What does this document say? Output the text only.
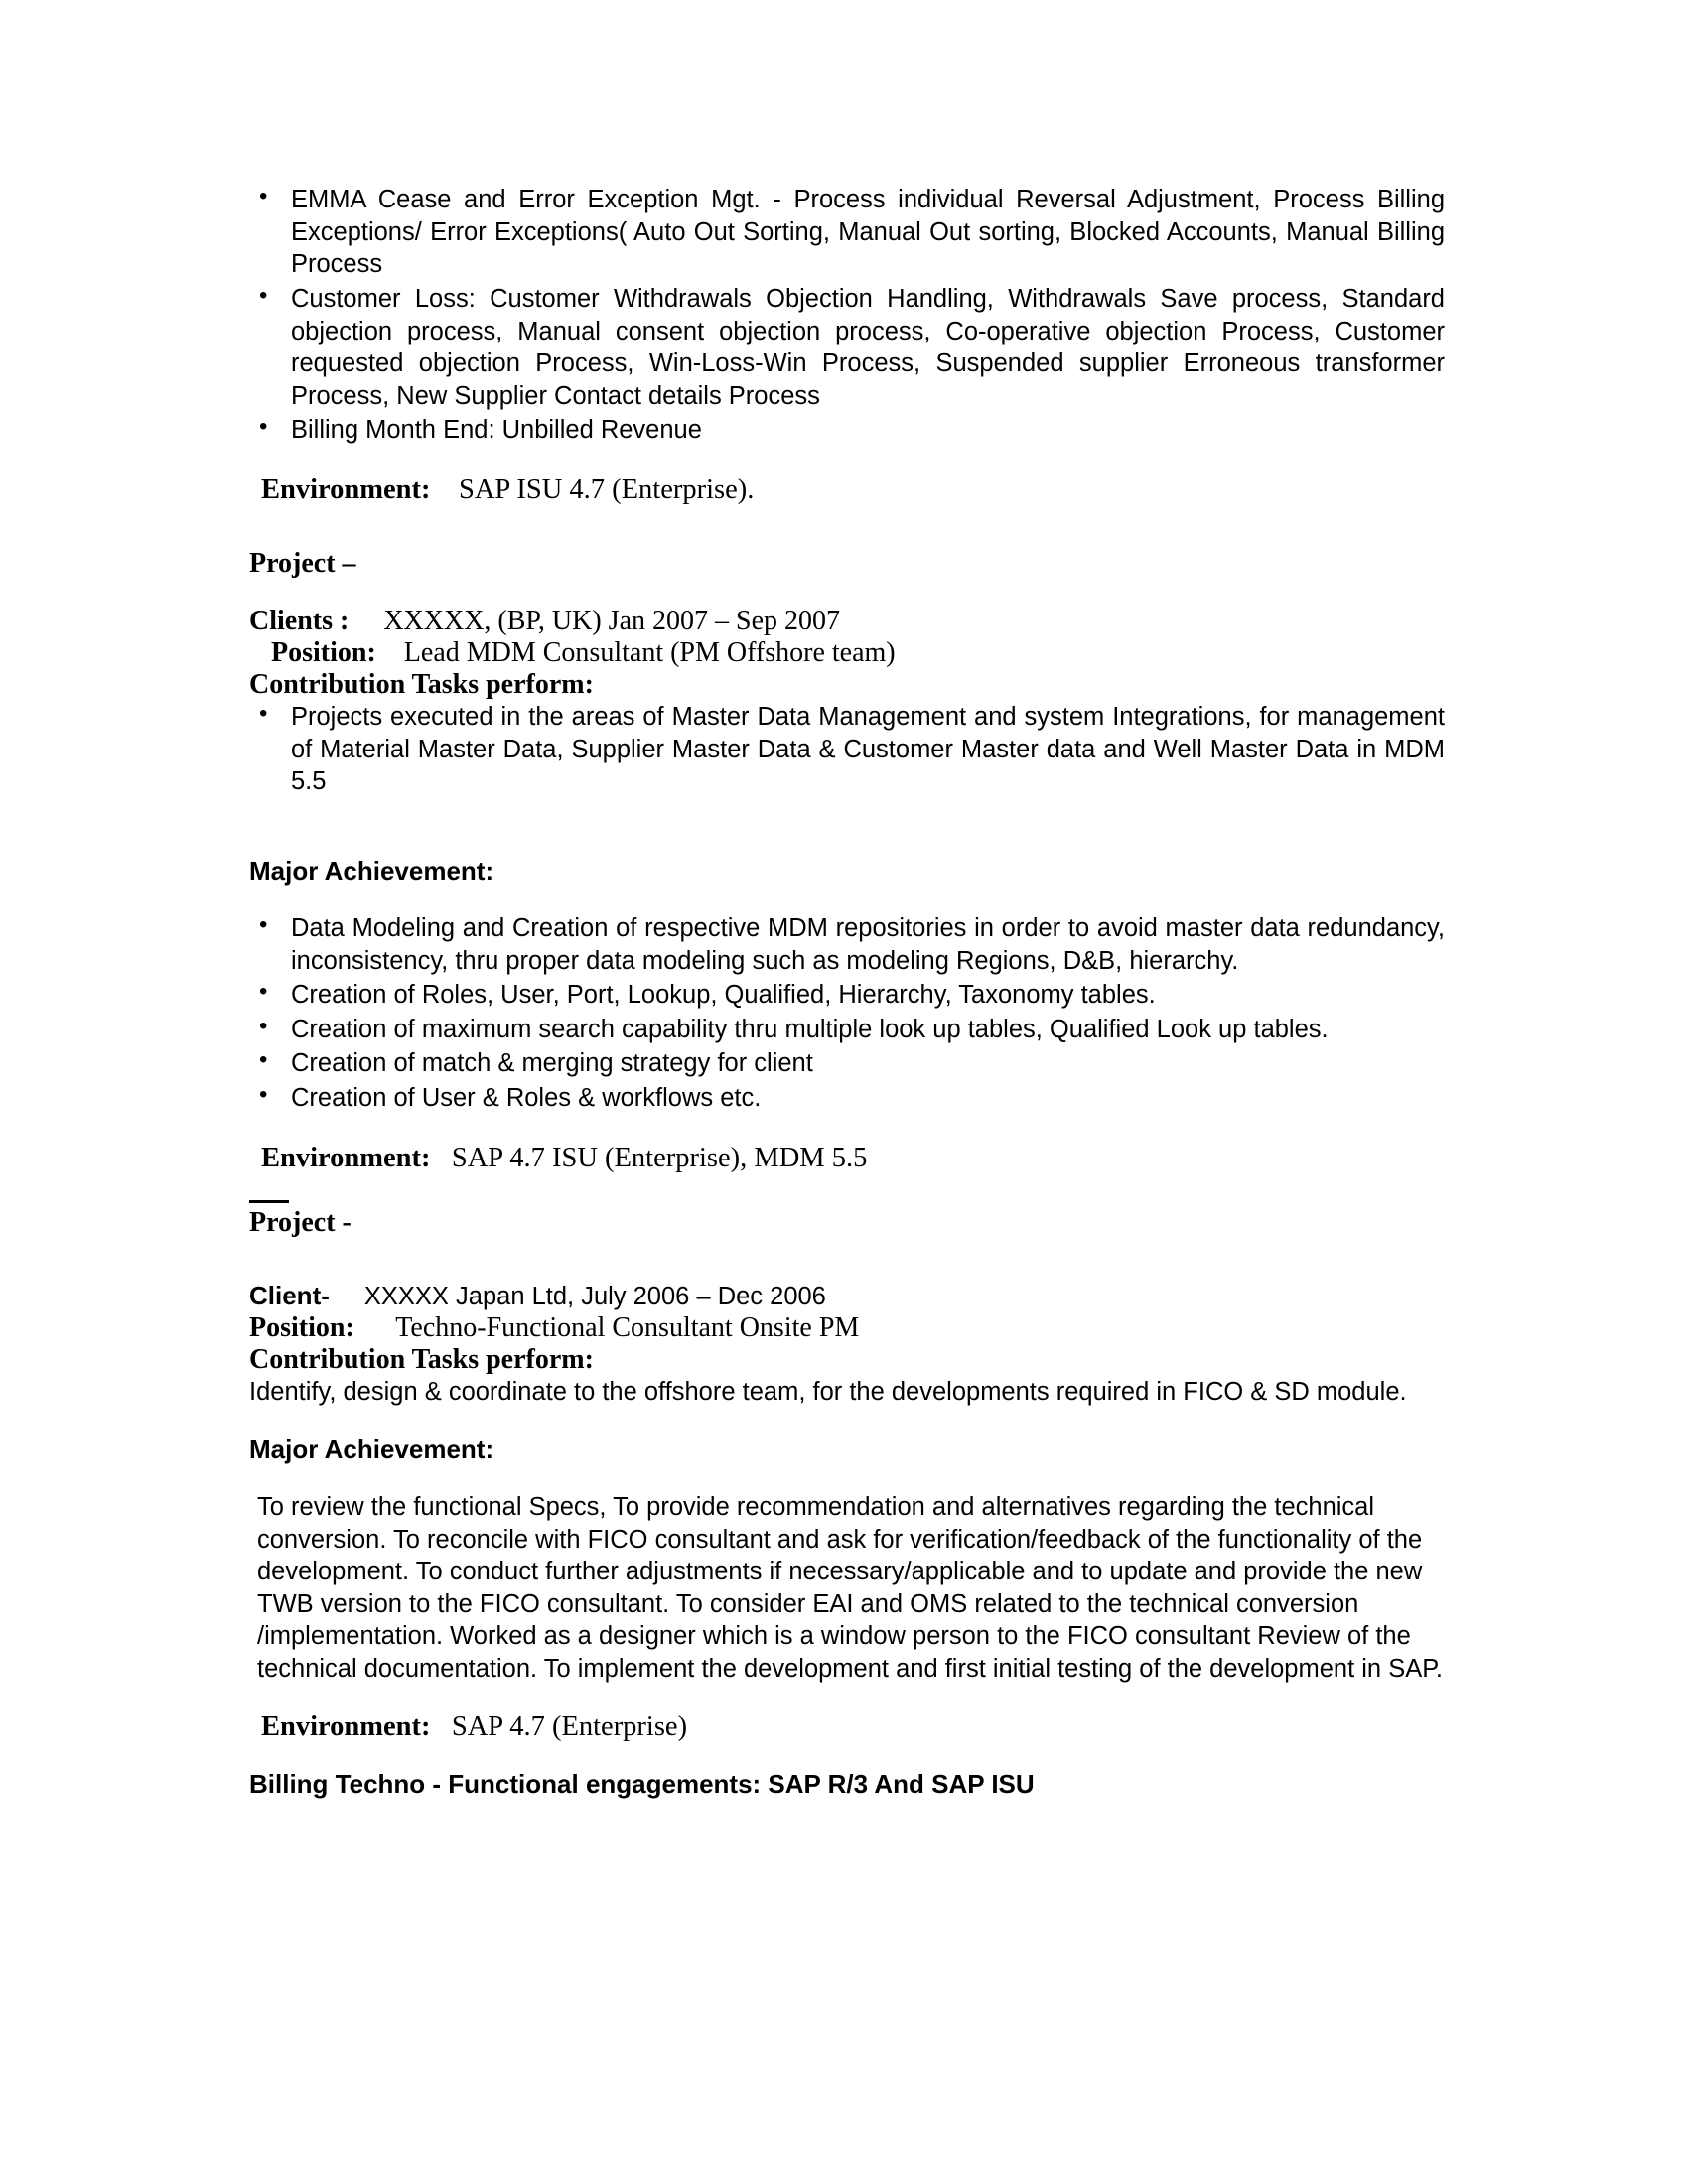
• EMMA Cease and Error Exception Mgt. - Process individual Reversal Adjustment, Process Billing Exceptions/ Error Exceptions( Auto Out Sorting, Manual Out sorting, Blocked Accounts, Manual Billing Process
• Customer Loss: Customer Withdrawals Objection Handling, Withdrawals Save process, Standard objection process, Manual consent objection process, Co-operative objection Process, Customer requested objection Process, Win-Loss-Win Process, Suspended supplier Erroneous transformer Process, New Supplier Contact details Process
• Billing Month End: Unbilled Revenue
Environment: SAP ISU 4.7 (Enterprise).
Project –
Clients : XXXXX, (BP, UK) Jan 2007 – Sep 2007
Position: Lead MDM Consultant (PM Offshore team)
Contribution Tasks perform:
• Projects executed in the areas of Master Data Management and system Integrations, for management of Material Master Data, Supplier Master Data & Customer Master data and Well Master Data in MDM 5.5
Major Achievement:
• Data Modeling and Creation of respective MDM repositories in order to avoid master data redundancy, inconsistency, thru proper data modeling such as modeling Regions, D&B, hierarchy.
• Creation of Roles, User, Port, Lookup, Qualified, Hierarchy, Taxonomy tables.
• Creation of maximum search capability thru multiple look up tables, Qualified Look up tables.
• Creation of match & merging strategy for client
• Creation of User & Roles & workflows etc.
Environment: SAP 4.7 ISU (Enterprise), MDM 5.5
Project -
Client- XXXXX Japan Ltd, July 2006 – Dec 2006
Position: Techno-Functional Consultant Onsite PM
Contribution Tasks perform:
Identify, design & coordinate to the offshore team, for the developments required in FICO & SD module.
Major Achievement:
To review the functional Specs, To provide recommendation and alternatives regarding the technical conversion. To reconcile with FICO consultant and ask for verification/feedback of the functionality of the development. To conduct further adjustments if necessary/applicable and to update and provide the new TWB version to the FICO consultant. To consider EAI and OMS related to the technical conversion /implementation. Worked as a designer which is a window person to the FICO consultant Review of the technical documentation. To implement the development and first initial testing of the development in SAP.
Environment: SAP 4.7 (Enterprise)
Billing Techno - Functional engagements: SAP R/3 And SAP ISU
